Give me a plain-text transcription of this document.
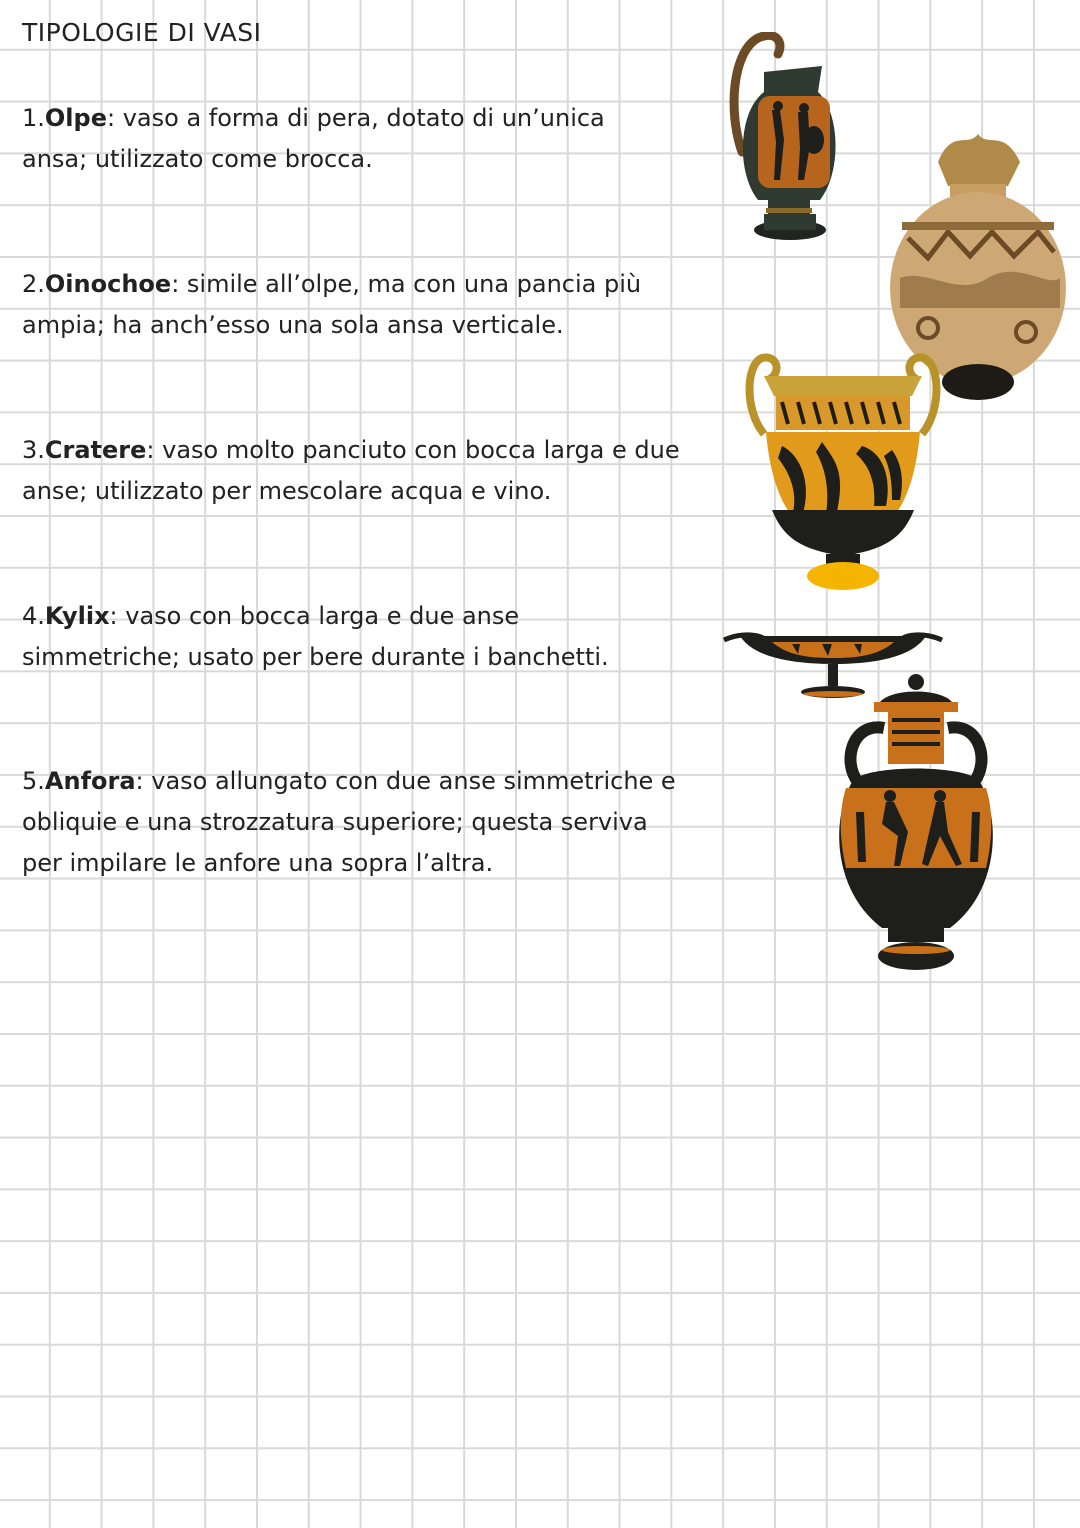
TIPOLOGIE DI VASI
1.Olpe: vaso a forma di pera, dotato di un’unica
ansa; utilizzato come brocca.
2.Oinochoe: simile all’olpe, ma con una pancia più
ampia; ha anch’esso una sola ansa verticale.
3.Cratere: vaso molto panciuto con bocca larga e due
anse; utilizzato per mescolare acqua e vino.
4.Kylix: vaso con bocca larga e due anse
simmetriche; usato per bere durante i banchetti.
5.Anfora: vaso allungato con due anse simmetriche e
obliquie e una strozzatura superiore; questa serviva
per impilare le anfore una sopra l’altra.
